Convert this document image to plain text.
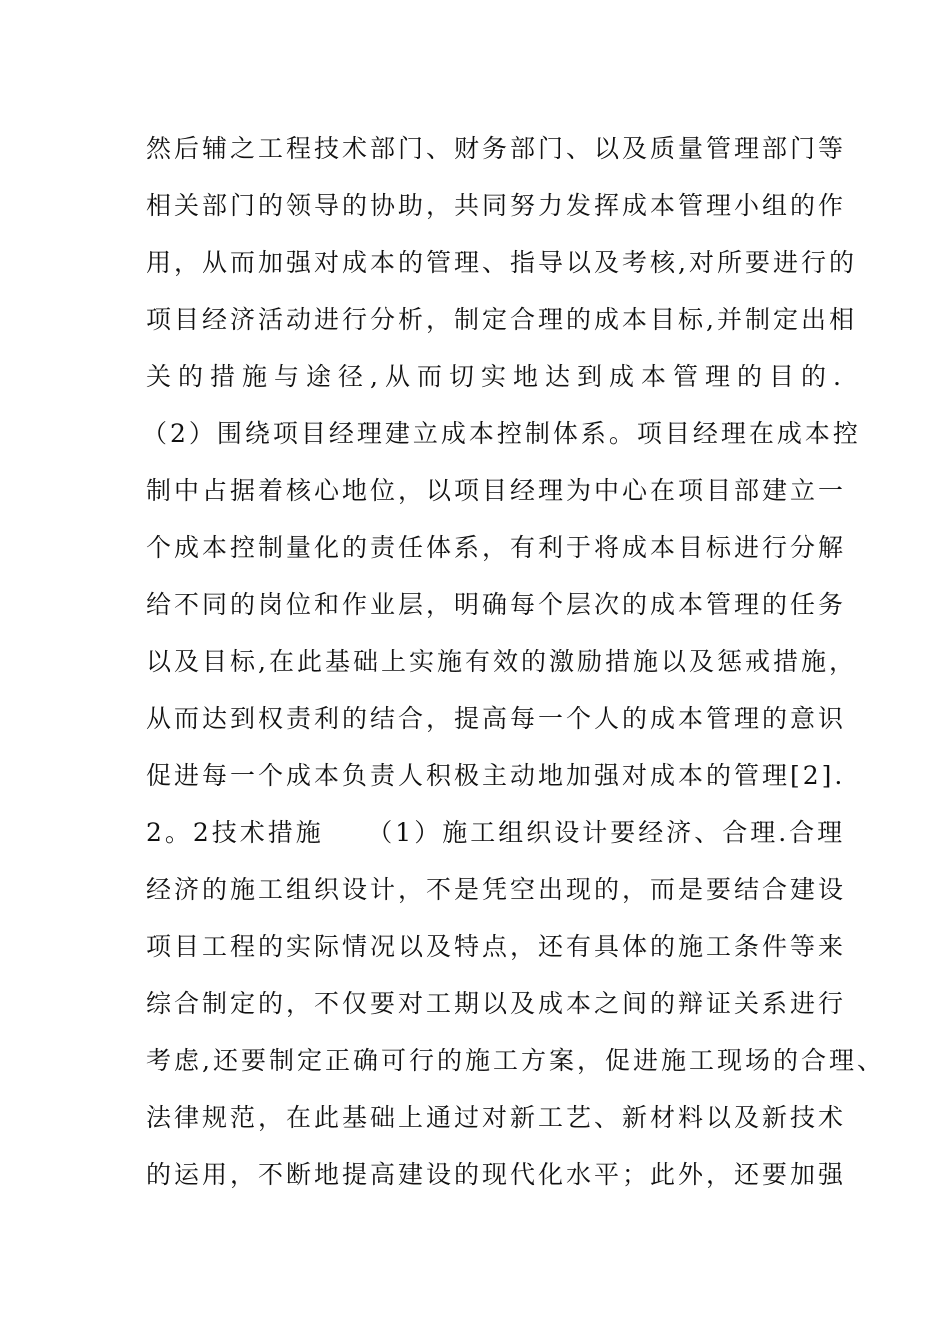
然后辅之工程技术部门、财务部门、以及质量管理部门等
相关部门的领导的协助，共同努力发挥成本管理小组的作
用，从而加强对成本的管理、指导以及考核,对所要进行的
项目经济活动进行分析，制定合理的成本目标,并制定出相
关的措施与途径,从而切实地达到成本管理的目的.
（2）围绕项目经理建立成本控制体系。项目经理在成本控
制中占据着核心地位，以项目经理为中心在项目部建立一
个成本控制量化的责任体系，有利于将成本目标进行分解
给不同的岗位和作业层，明确每个层次的成本管理的任务
以及目标,在此基础上实施有效的激励措施以及惩戒措施，
从而达到权责利的结合，提高每一个人的成本管理的意识
促进每一个成本负责人积极主动地加强对成本的管理[2].
2。2技术措施　　（1）施工组织设计要经济、合理.合理
经济的施工组织设计，不是凭空出现的，而是要结合建设
项目工程的实际情况以及特点，还有具体的施工条件等来
综合制定的，不仅要对工期以及成本之间的辩证关系进行
考虑,还要制定正确可行的施工方案，促进施工现场的合理、
法律规范，在此基础上通过对新工艺、新材料以及新技术
的运用，不断地提高建设的现代化水平；此外，还要加强
